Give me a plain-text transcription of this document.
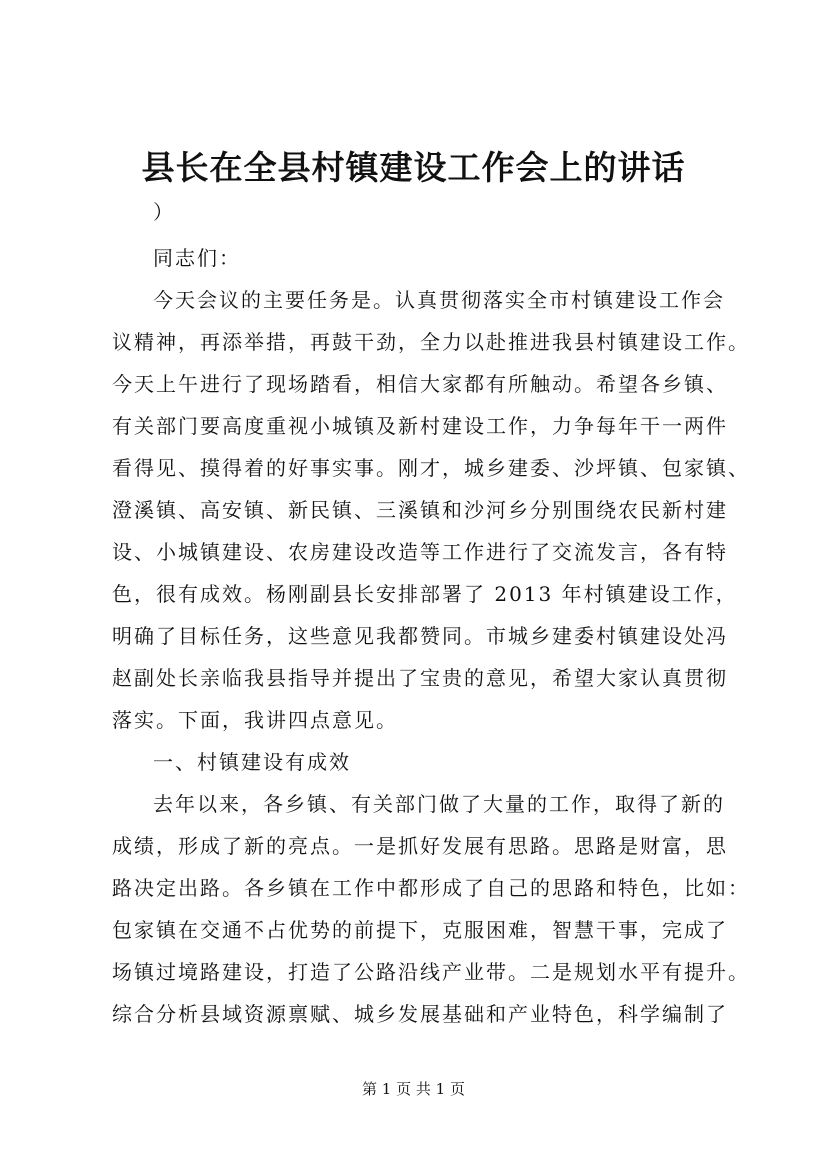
县长在全县村镇建设工作会上的讲话
）
同志们：
今天会议的主要任务是。认真贯彻落实全市村镇建设工作会
议精神，再添举措，再鼓干劲，全力以赴推进我县村镇建设工作。
今天上午进行了现场踏看，相信大家都有所触动。希望各乡镇、
有关部门要高度重视小城镇及新村建设工作，力争每年干一两件
看得见、摸得着的好事实事。刚才，城乡建委、沙坪镇、包家镇、
澄溪镇、高安镇、新民镇、三溪镇和沙河乡分别围绕农民新村建
设、小城镇建设、农房建设改造等工作进行了交流发言，各有特
色，很有成效。杨刚副县长安排部署了 2013 年村镇建设工作，
明确了目标任务，这些意见我都赞同。市城乡建委村镇建设处冯
赵副处长亲临我县指导并提出了宝贵的意见，希望大家认真贯彻
落实。下面，我讲四点意见。
一、村镇建设有成效
去年以来，各乡镇、有关部门做了大量的工作，取得了新的
成绩，形成了新的亮点。一是抓好发展有思路。思路是财富，思
路决定出路。各乡镇在工作中都形成了自己的思路和特色，比如：
包家镇在交通不占优势的前提下，克服困难，智慧干事，完成了
场镇过境路建设，打造了公路沿线产业带。二是规划水平有提升。
综合分析县域资源禀赋、城乡发展基础和产业特色，科学编制了
第 1 页 共 1 页
